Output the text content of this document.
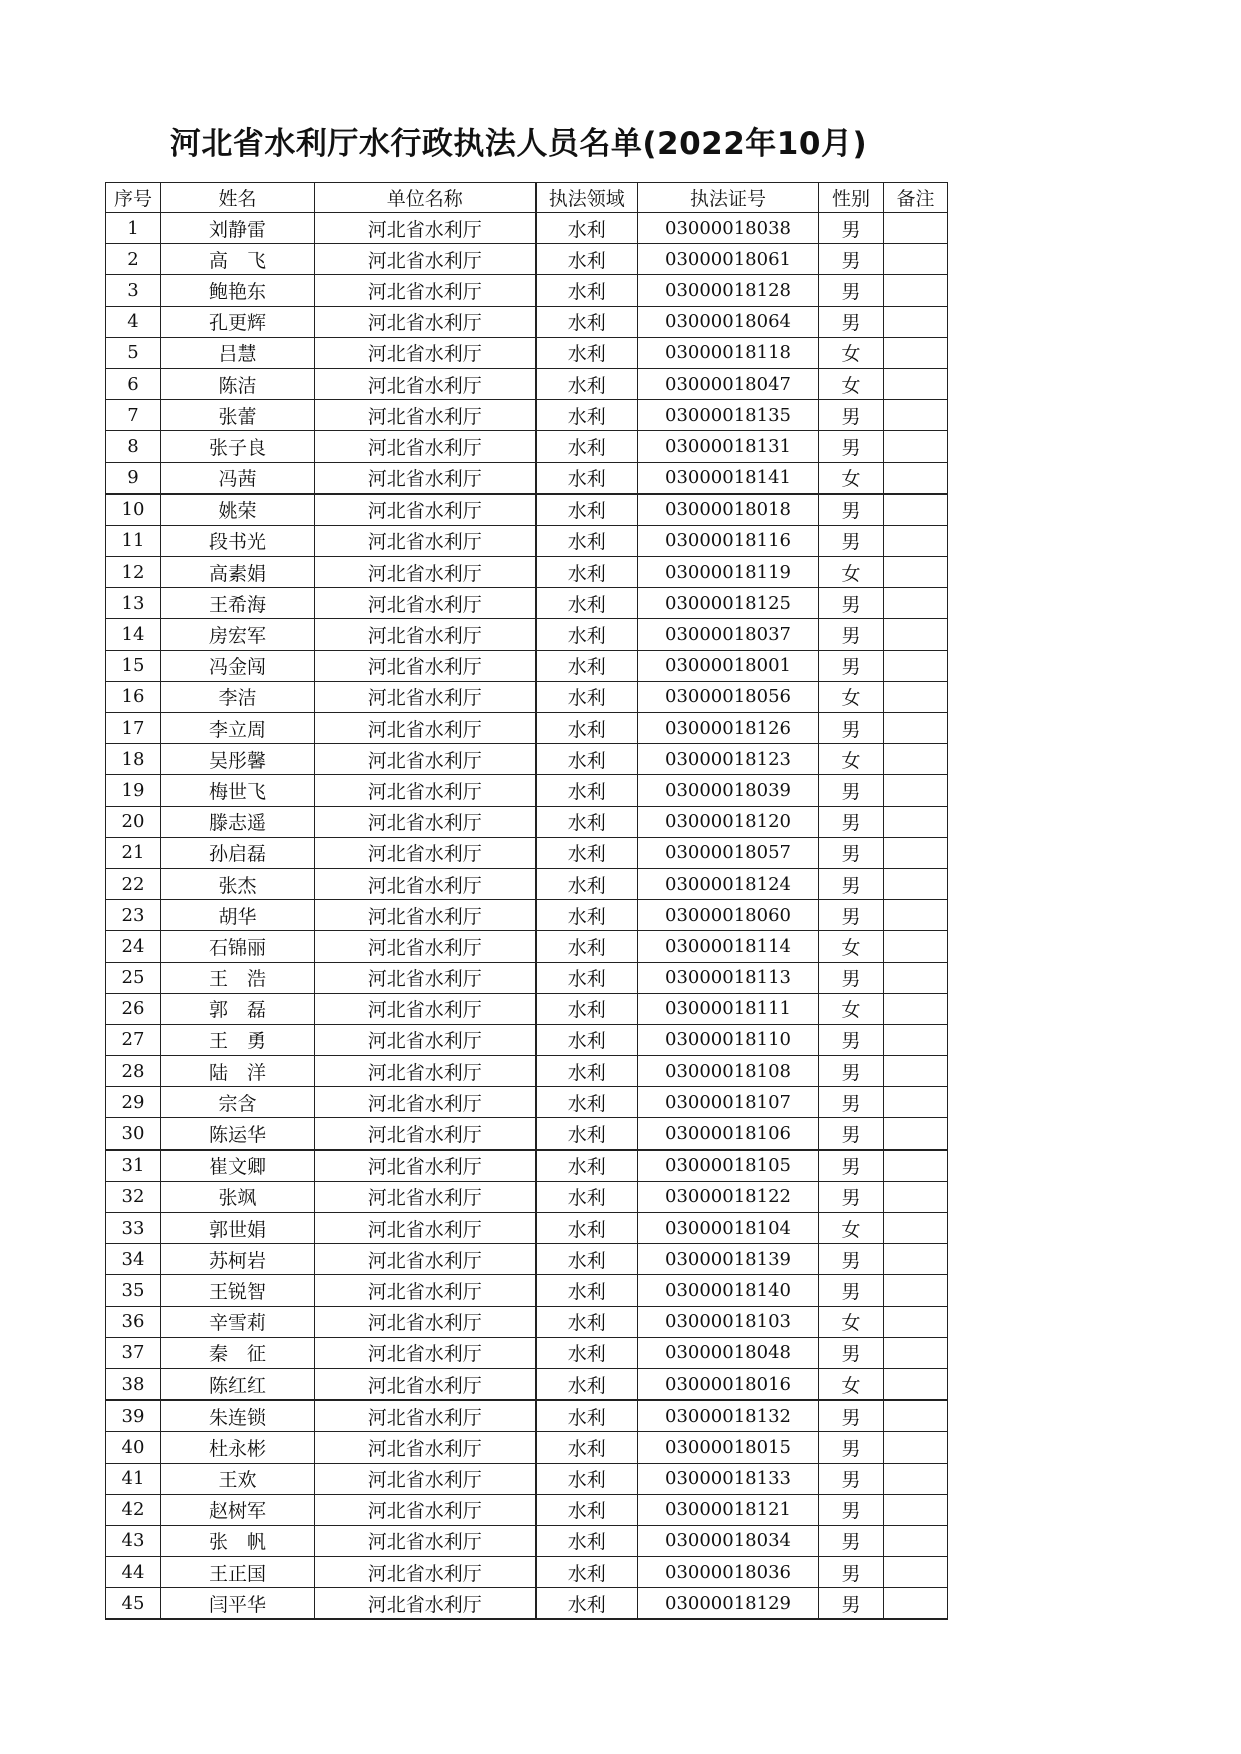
河北省水利厅水行政执法人员名单(2022年10月)
序号	姓名	单位名称	执法领域	执法证号	性别	备注
1	刘静雷	河北省水利厅	水利	03000018038	男	
2	高　飞	河北省水利厅	水利	03000018061	男	
3	鲍艳东	河北省水利厅	水利	03000018128	男	
4	孔更辉	河北省水利厅	水利	03000018064	男	
5	吕慧	河北省水利厅	水利	03000018118	女	
6	陈洁	河北省水利厅	水利	03000018047	女	
7	张蕾	河北省水利厅	水利	03000018135	男	
8	张子良	河北省水利厅	水利	03000018131	男	
9	冯茜	河北省水利厅	水利	03000018141	女	
10	姚荣	河北省水利厅	水利	03000018018	男	
11	段书光	河北省水利厅	水利	03000018116	男	
12	高素娟	河北省水利厅	水利	03000018119	女	
13	王希海	河北省水利厅	水利	03000018125	男	
14	房宏军	河北省水利厅	水利	03000018037	男	
15	冯金闯	河北省水利厅	水利	03000018001	男	
16	李洁	河北省水利厅	水利	03000018056	女	
17	李立周	河北省水利厅	水利	03000018126	男	
18	吴彤馨	河北省水利厅	水利	03000018123	女	
19	梅世飞	河北省水利厅	水利	03000018039	男	
20	滕志遥	河北省水利厅	水利	03000018120	男	
21	孙启磊	河北省水利厅	水利	03000018057	男	
22	张杰	河北省水利厅	水利	03000018124	男	
23	胡华	河北省水利厅	水利	03000018060	男	
24	石锦丽	河北省水利厅	水利	03000018114	女	
25	王　浩	河北省水利厅	水利	03000018113	男	
26	郭　磊	河北省水利厅	水利	03000018111	女	
27	王　勇	河北省水利厅	水利	03000018110	男	
28	陆　洋	河北省水利厅	水利	03000018108	男	
29	宗含	河北省水利厅	水利	03000018107	男	
30	陈运华	河北省水利厅	水利	03000018106	男	
31	崔文卿	河北省水利厅	水利	03000018105	男	
32	张飒	河北省水利厅	水利	03000018122	男	
33	郭世娟	河北省水利厅	水利	03000018104	女	
34	苏柯岩	河北省水利厅	水利	03000018139	男	
35	王锐智	河北省水利厅	水利	03000018140	男	
36	辛雪莉	河北省水利厅	水利	03000018103	女	
37	秦　征	河北省水利厅	水利	03000018048	男	
38	陈红红	河北省水利厅	水利	03000018016	女	
39	朱连锁	河北省水利厅	水利	03000018132	男	
40	杜永彬	河北省水利厅	水利	03000018015	男	
41	王欢	河北省水利厅	水利	03000018133	男	
42	赵树军	河北省水利厅	水利	03000018121	男	
43	张　帆	河北省水利厅	水利	03000018034	男	
44	王正国	河北省水利厅	水利	03000018036	男	
45	闫平华	河北省水利厅	水利	03000018129	男	
